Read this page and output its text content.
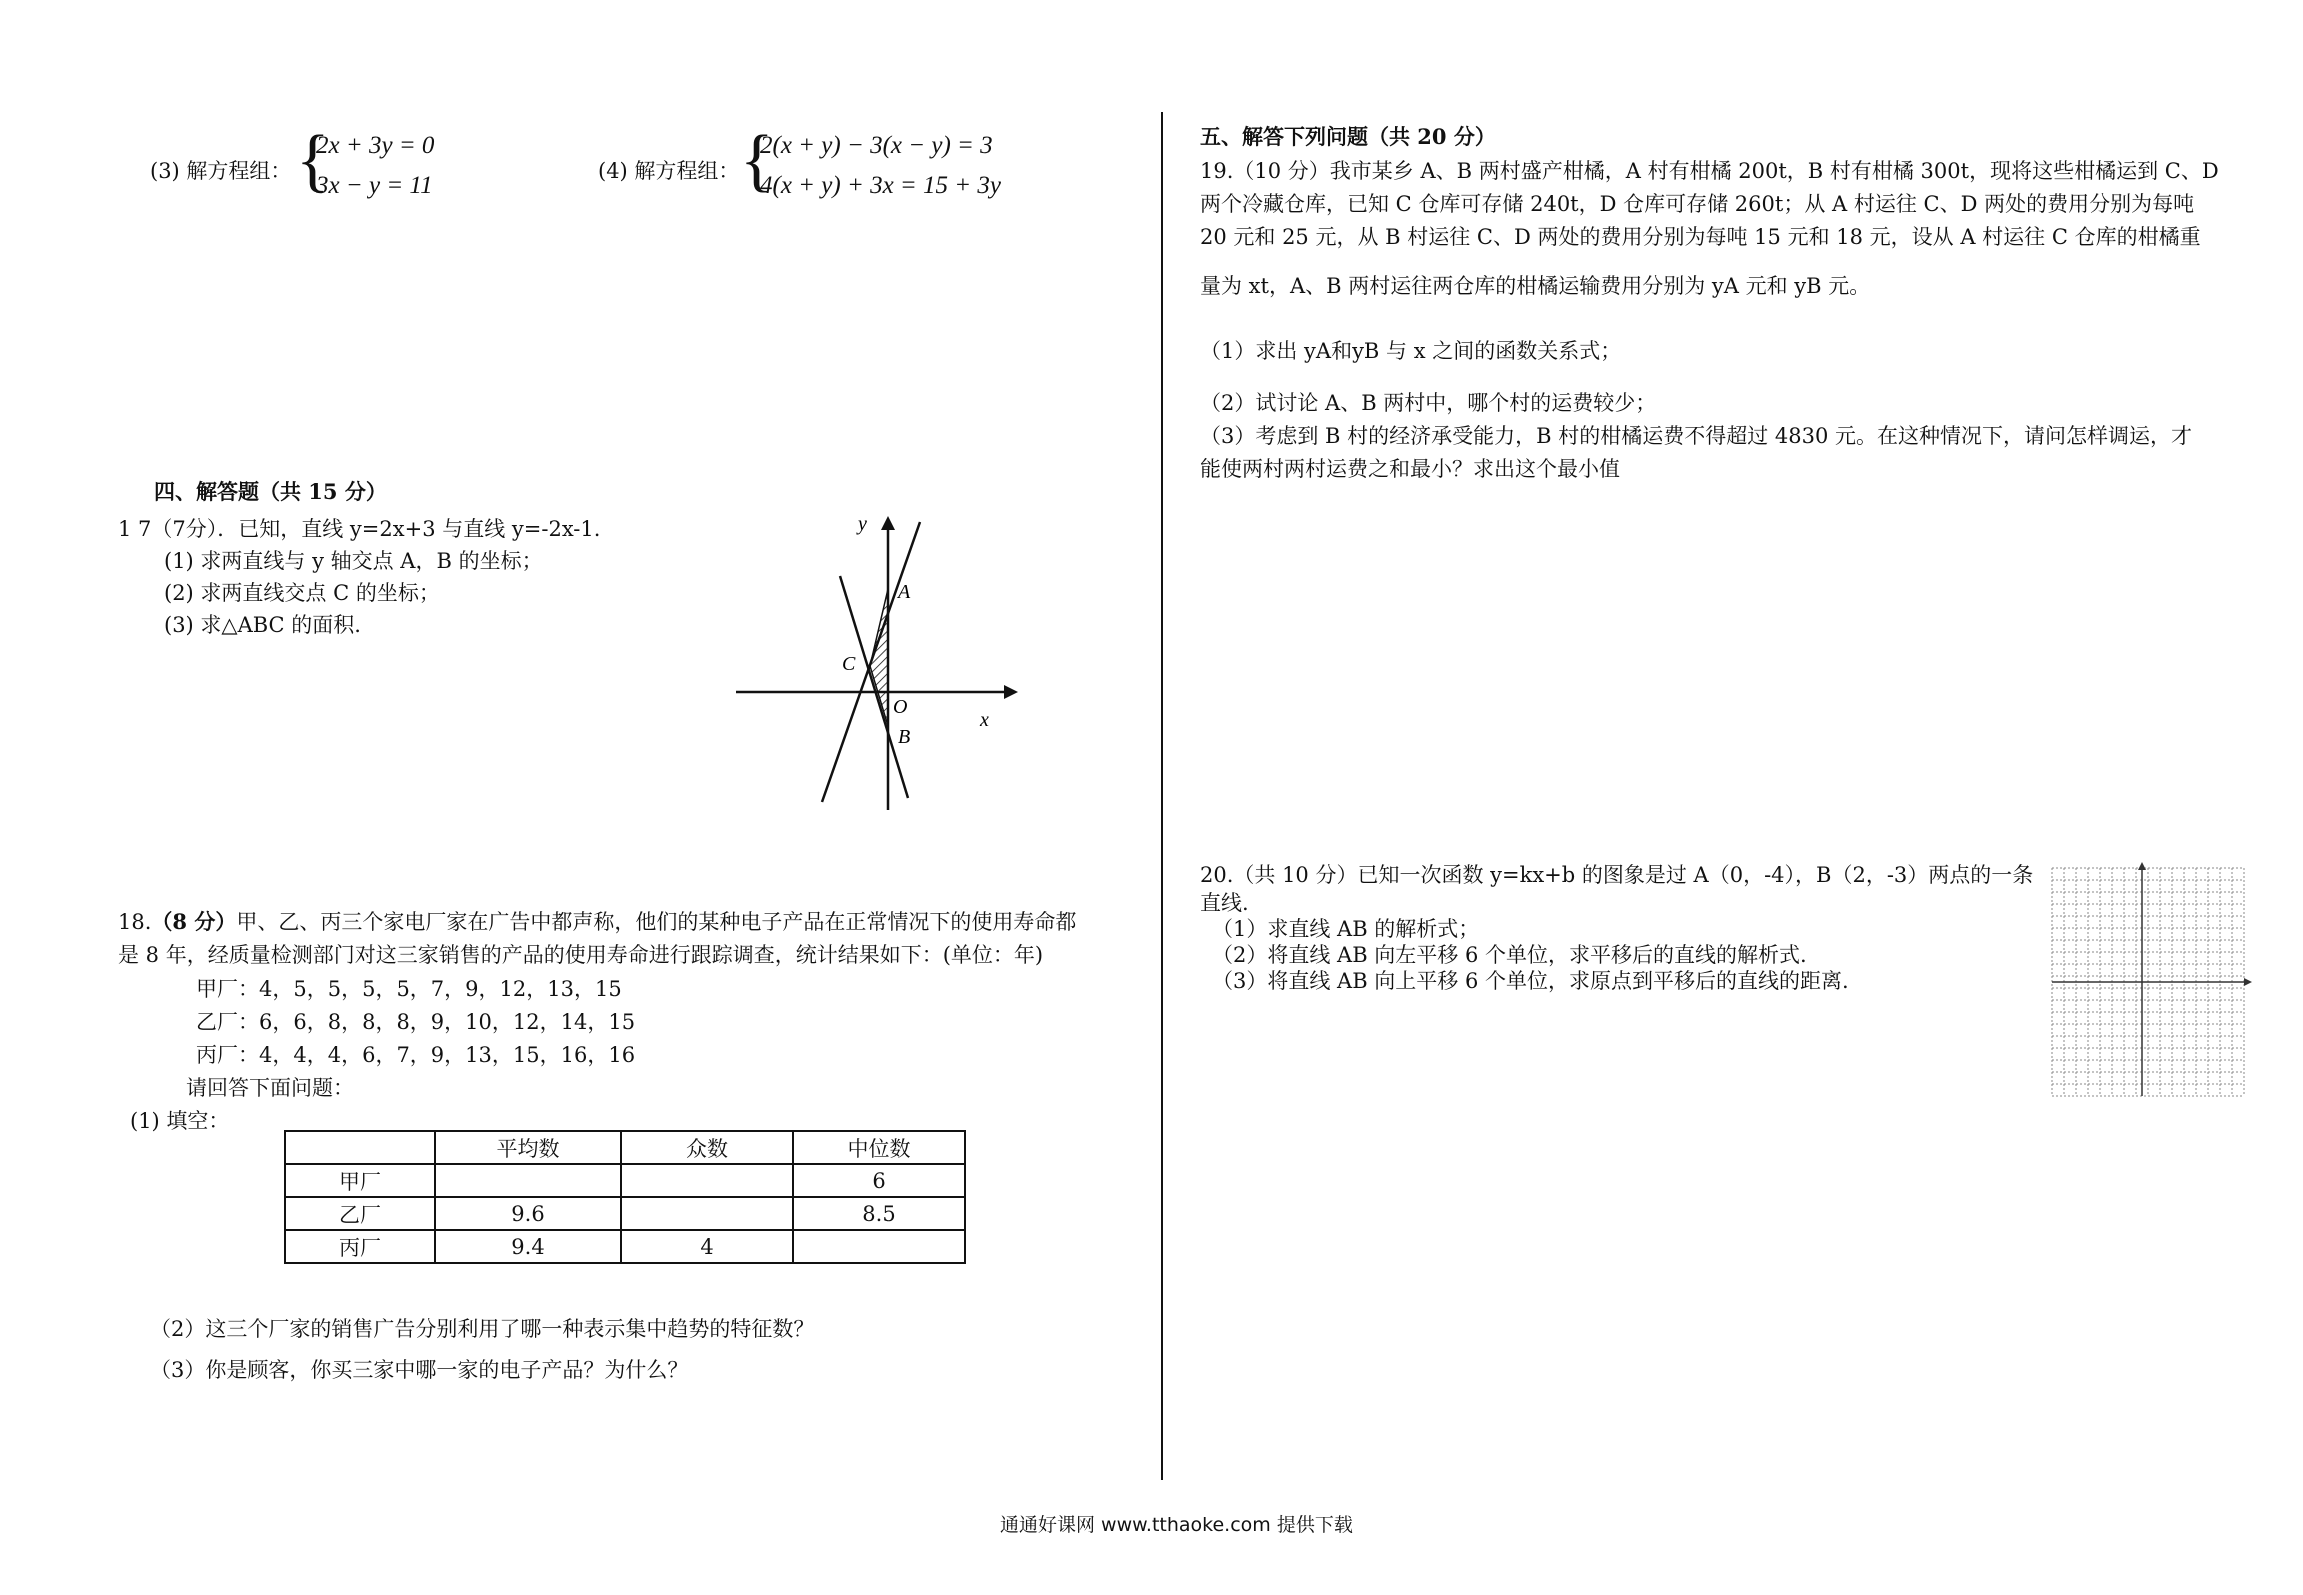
(3) 解方程组： {
2x + 3y = 0
3x − y = 11
(4) 解方程组： {
2(x + y) − 3(x − y) = 3
4(x + y) + 3x = 15 + 3y
四、解答题（共 15 分）
1 7（7分）．已知，直线 y=2x+3 与直线 y=-2x-1.
(1) 求两直线与 y 轴交点 A，B 的坐标；
(2) 求两直线交点 C 的坐标；
(3) 求△ABC 的面积.
y
A
C
O
B
x
18.（8 分）甲、乙、丙三个家电厂家在广告中都声称，他们的某种电子产品在正常情况下的使用寿命都
是 8 年，经质量检测部门对这三家销售的产品的使用寿命进行跟踪调查，统计结果如下：(单位：年)
甲厂：4，5，5，5，5，7，9，12，13，15
乙厂：6，6，8，8，8，9，10，12，14，15
丙厂：4，4，4，6，7，9，13，15，16，16
请回答下面问题：
(1) 填空：
	平均数	众数	中位数
甲厂			6
乙厂	9.6		8.5
丙厂	9.4	4	
（2）这三个厂家的销售广告分别利用了哪一种表示集中趋势的特征数？
（3）你是顾客，你买三家中哪一家的电子产品？为什么？
五、解答下列问题（共 20 分）
19.（10 分）我市某乡 A、B 两村盛产柑橘，A 村有柑橘 200t，B 村有柑橘 300t，现将这些柑橘运到 C、D
两个冷藏仓库，已知 C 仓库可存储 240t，D 仓库可存储 260t；从 A 村运往 C、D 两处的费用分别为每吨
20 元和 25 元，从 B 村运往 C、D 两处的费用分别为每吨 15 元和 18 元，设从 A 村运往 C 仓库的柑橘重
量为 xt，A、B 两村运往两仓库的柑橘运输费用分别为 yA 元和 yB 元。
（1）求出 yA和yB 与 x 之间的函数关系式；
（2）试讨论 A、B 两村中，哪个村的运费较少；
（3）考虑到 B 村的经济承受能力，B 村的柑橘运费不得超过 4830 元。在这种情况下，请问怎样调运，才
能使两村两村运费之和最小？求出这个最小值
20.（共 10 分）已知一次函数 y=kx+b 的图象是过 A（0，-4），B（2，-3）两点的一条
直线.
（1）求直线 AB 的解析式；
（2）将直线 AB 向左平移 6 个单位，求平移后的直线的解析式.
（3）将直线 AB 向上平移 6 个单位，求原点到平移后的直线的距离.
通通好课网 www.tthaoke.com 提供下载
